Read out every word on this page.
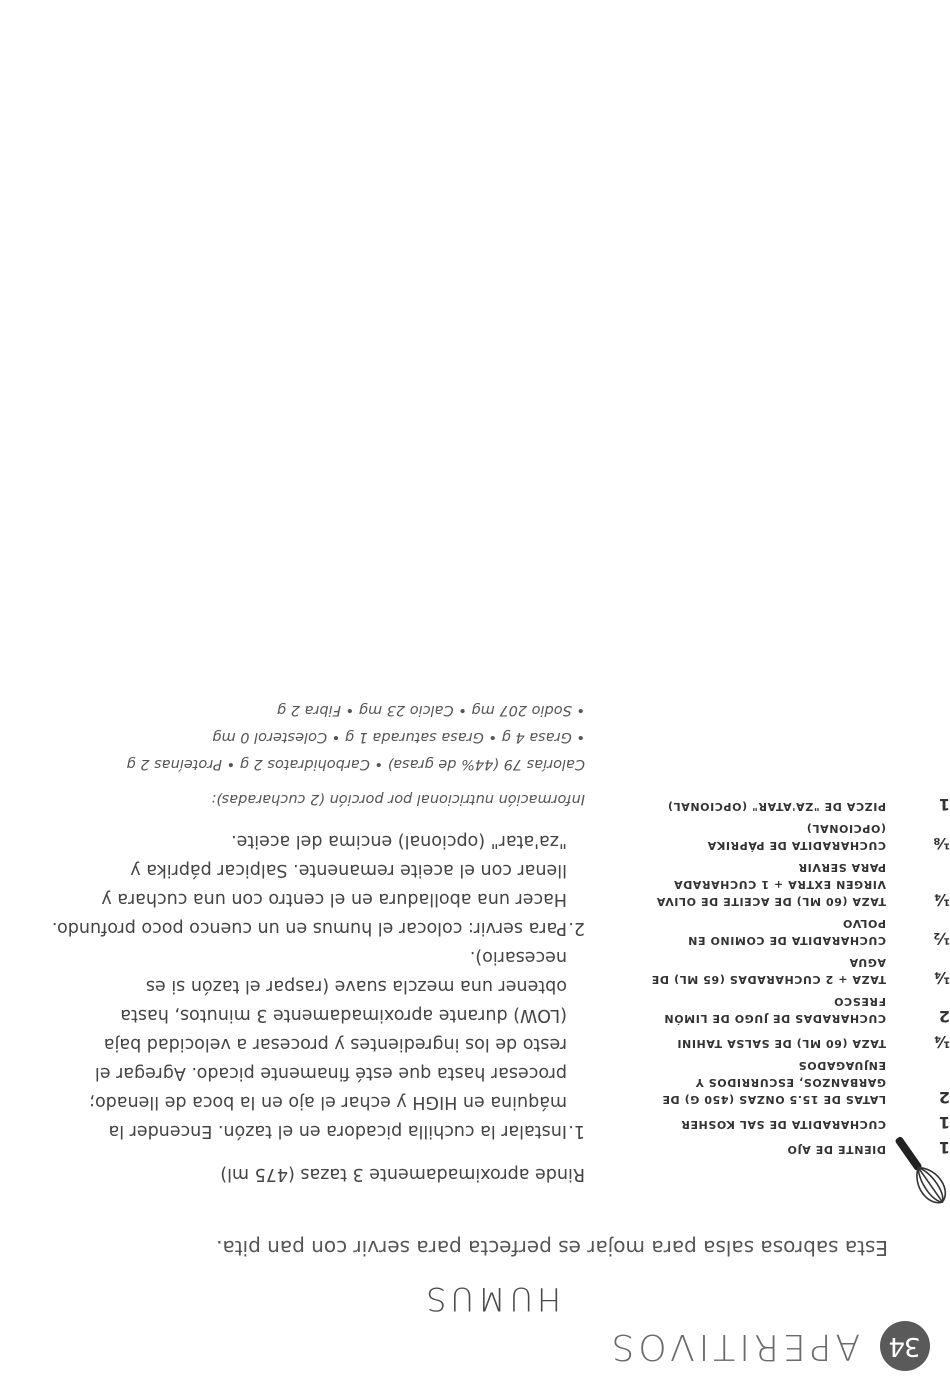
34
APERITIVOS
HUMUS
Esta sabrosa salsa para mojar es perfecta para servir con pan pita.
1
DIENTE DE AJO
1
CUCHARADITA DE SAL KOSHER
2
LATAS DE 15.5 ONZAS (450 G) DE GARBANZOS, ESCURRIDOS Y ENJUAGADOS
¼
TAZA (60 ML) DE SALSA TAHINI
2
CUCHARADAS DE JUGO DE LIMÓN FRESCO
¼
TAZA + 2 CUCHARADAS (65 ML) DE AGUA
½
CUCHARADITA DE COMINO EN POLVO
¼
TAZA (60 ML) DE ACEITE DE OLIVA VIRGEN EXTRA + 1 CUCHARADA PARA SERVIR
⅛
CUCHARADITA DE PÁPRIKA (OPCIONAL)
1
PIZCA DE "ZA'ATAR" (OPCIONAL)
Rinde aproximadamente 3 tazas (475 ml)
1.
Instalar la cuchilla picadora en el tazón. Encender la máquina en HIGH y echar el ajo en la boca de llenado; procesar hasta que esté finamente picado. Agregar el resto de los ingredientes y procesar a velocidad baja (LOW) durante aproximadamente 3 minutos, hasta obtener una mezcla suave (raspar el tazón si es necesario).
2.
Para servir: colocar el humus en un cuenco poco profundo. Hacer una abolladura en el centro con una cuchara y llenar con el aceite remanente. Salpicar páprika y "za'atar" (opcional) encima del aceite.
Información nutricional por porción (2 cucharadas):
Calorías 79 (44% de grasa) • Carbohidratos 2 g • Proteínas 2 g
• Grasa 4 g • Grasa saturada 1 g • Colesterol 0 mg
• Sodio 207 mg • Calcio 23 mg • Fibra 2 g
